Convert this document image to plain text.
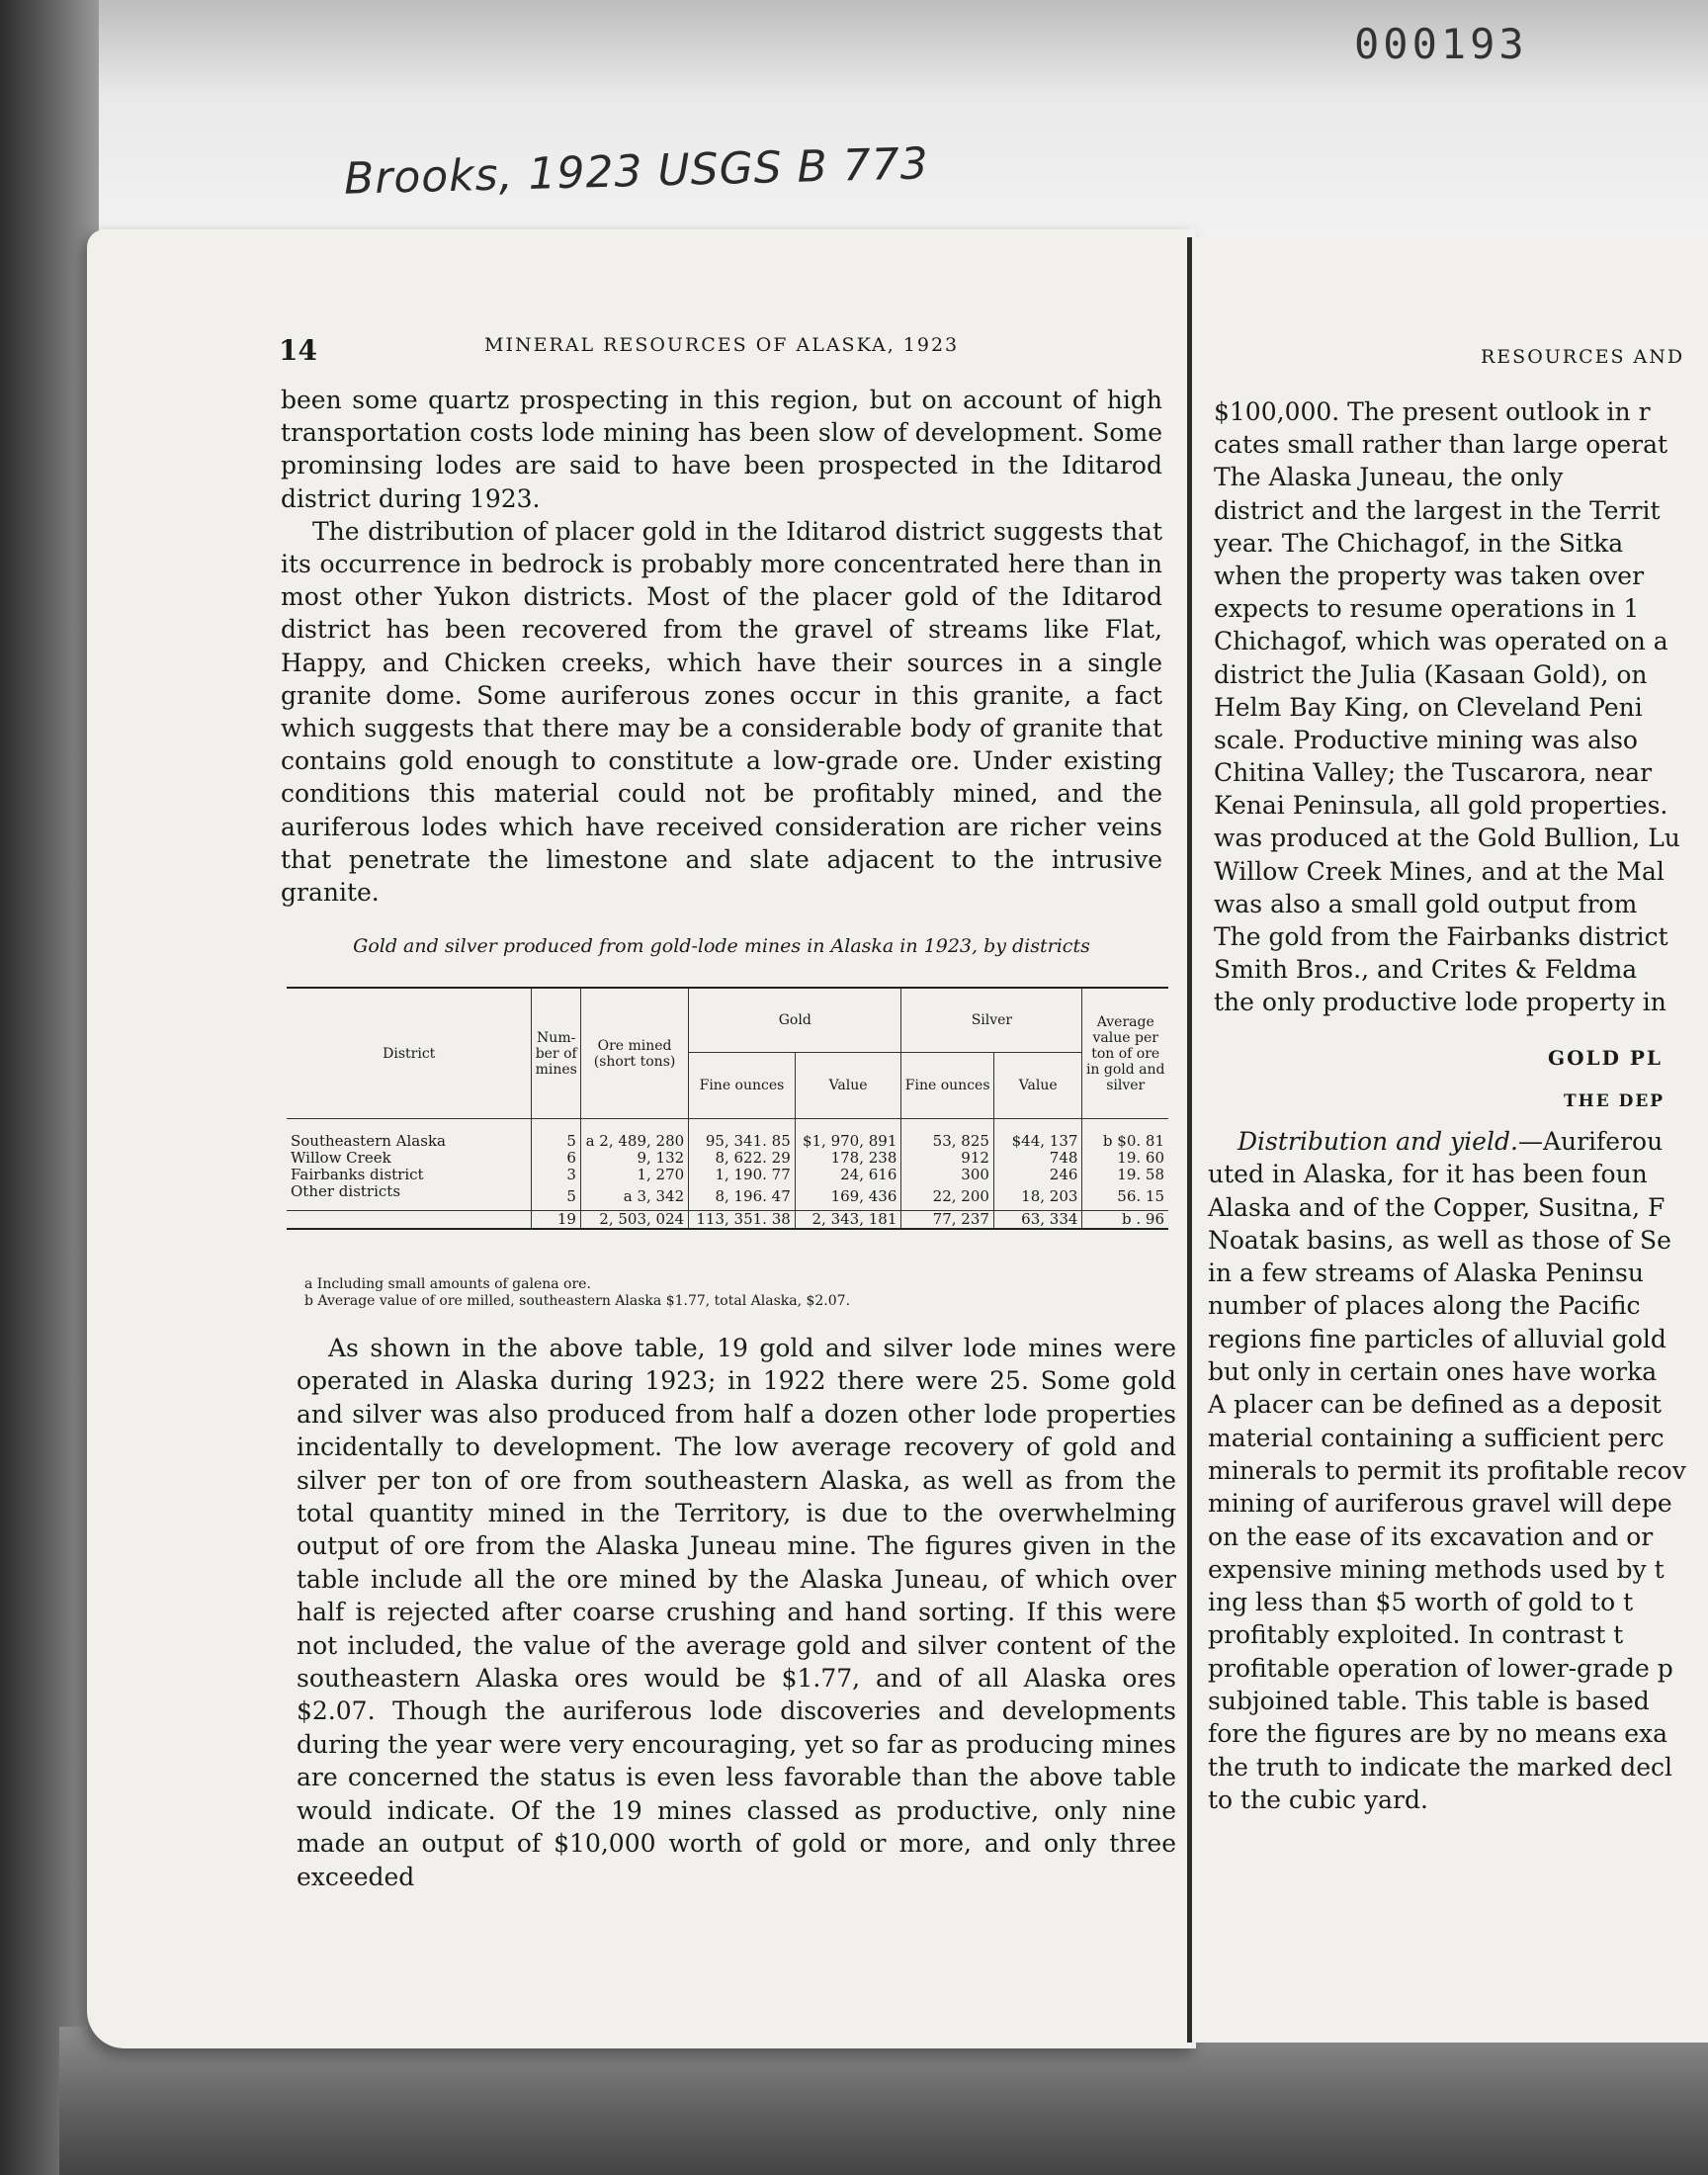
000193
Brooks, 1923 USGS B 773
14	MINERAL RESOURCES OF ALASKA, 1923

been some quartz prospecting in this region, but on account of high transportation costs lode mining has been slow of development. Some prominsing lodes are said to have been prospected in the Iditarod district during 1923.

The distribution of placer gold in the Iditarod district suggests that its occurrence in bedrock is probably more concentrated here than in most other Yukon districts. Most of the placer gold of the Iditarod district has been recovered from the gravel of streams like Flat, Happy, and Chicken creeks, which have their sources in a single granite dome. Some auriferous zones occur in this granite, a fact which suggests that there may be a considerable body of granite that contains gold enough to constitute a low-grade ore. Under existing conditions this material could not be profitably mined, and the auriferous lodes which have received consideration are richer veins that penetrate the limestone and slate adjacent to the intrusive granite.

Gold and silver produced from gold-lode mines in Alaska in 1923, by districts
District	Num-ber of mines	Ore mined (short tons)	Gold		Silver		Average value per ton of ore in gold and silver
			Fine ounces	Value	Fine ounces	Value	

Southeastern Alaska	5	a 2, 489, 280	95, 341. 85	$1, 970, 891	53, 825	$44, 137	b $0. 81
Willow Creek	6	9, 132	8, 622. 29	178, 238	912	748	19. 60
Fairbanks district	3	1, 270	1, 190. 77	24, 616	300	246	19. 58
Other districts	5	a 3, 342	8, 196. 47	169, 436	22, 200	18, 203	56. 15
	19	2, 503, 024	113, 351. 38	2, 343, 181	77, 237	63, 334	b . 96
a Including small amounts of galena ore.
b Average value of ore milled, southeastern Alaska $1.77, total Alaska, $2.07.

As shown in the above table, 19 gold and silver lode mines were operated in Alaska during 1923; in 1922 there were 25. Some gold and silver was also produced from half a dozen other lode properties incidentally to development. The low average recovery of gold and silver per ton of ore from southeastern Alaska, as well as from the total quantity mined in the Territory, is due to the overwhelming output of ore from the Alaska Juneau mine. The figures given in the table include all the ore mined by the Alaska Juneau, of which over half is rejected after coarse crushing and hand sorting. If this were not included, the value of the average gold and silver content of the southeastern Alaska ores would be $1.77, and of all Alaska ores $2.07. Though the auriferous lode discoveries and developments during the year were very encouraging, yet so far as producing mines are concerned the status is even less favorable than the above table would indicate. Of the 19 mines classed as productive, only nine made an output of $10,000 worth of gold or more, and only three exceeded

RESOURCES AND
$100,000. The present outlook in r
cates small rather than large operat
The Alaska Juneau, the only
district and the largest in the Territ
year. The Chichagof, in the Sitka
when the property was taken over
expects to resume operations in 1
Chichagof, which was operated on a
district the Julia (Kasaan Gold), on
Helm Bay King, on Cleveland Peni
scale. Productive mining was also
Chitina Valley; the Tuscarora, near
Kenai Peninsula, all gold properties.
was produced at the Gold Bullion, Lu
Willow Creek Mines, and at the Mal
was also a small gold output from
The gold from the Fairbanks district
Smith Bros., and Crites & Feldma
the only productive lode property in
GOLD PL
THE DEP
Distribution and yield.—Auriferou
uted in Alaska, for it has been foun
Alaska and of the Copper, Susitna, F
Noatak basins, as well as those of Se
in a few streams of Alaska Peninsu
number of places along the Pacific
regions fine particles of alluvial gold
but only in certain ones have worka
A placer can be defined as a deposit
material containing a sufficient perc
minerals to permit its profitable recov
mining of auriferous gravel will depe
on the ease of its excavation and or
expensive mining methods used by t
ing less than $5 worth of gold to t
profitably exploited. In contrast t
profitable operation of lower-grade p
subjoined table. This table is based
fore the figures are by no means exa
the truth to indicate the marked decl
to the cubic yard.
